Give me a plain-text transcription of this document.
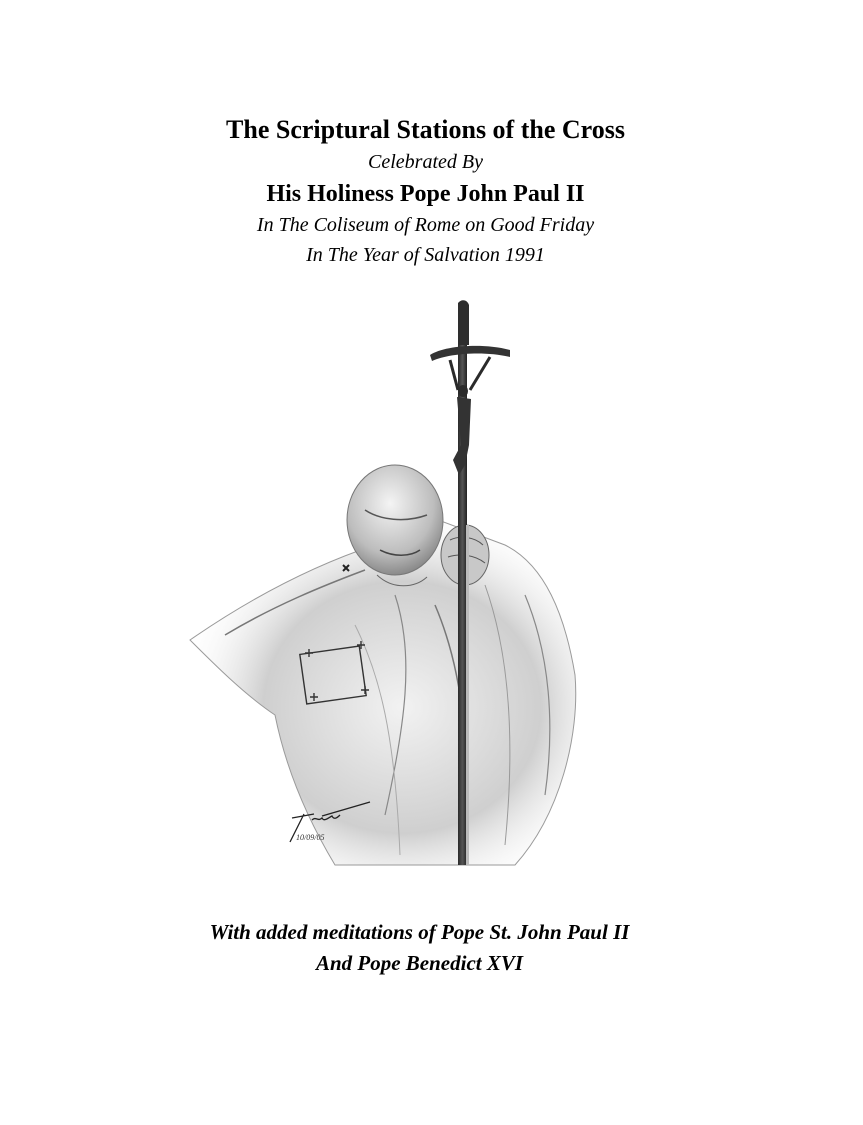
The Scriptural Stations of the Cross
Celebrated By
His Holiness Pope John Paul II
In The Coliseum of Rome on Good Friday
In The Year of Salvation 1991
10/09/05
With added meditations of Pope St. John Paul II
And Pope Benedict XVI
